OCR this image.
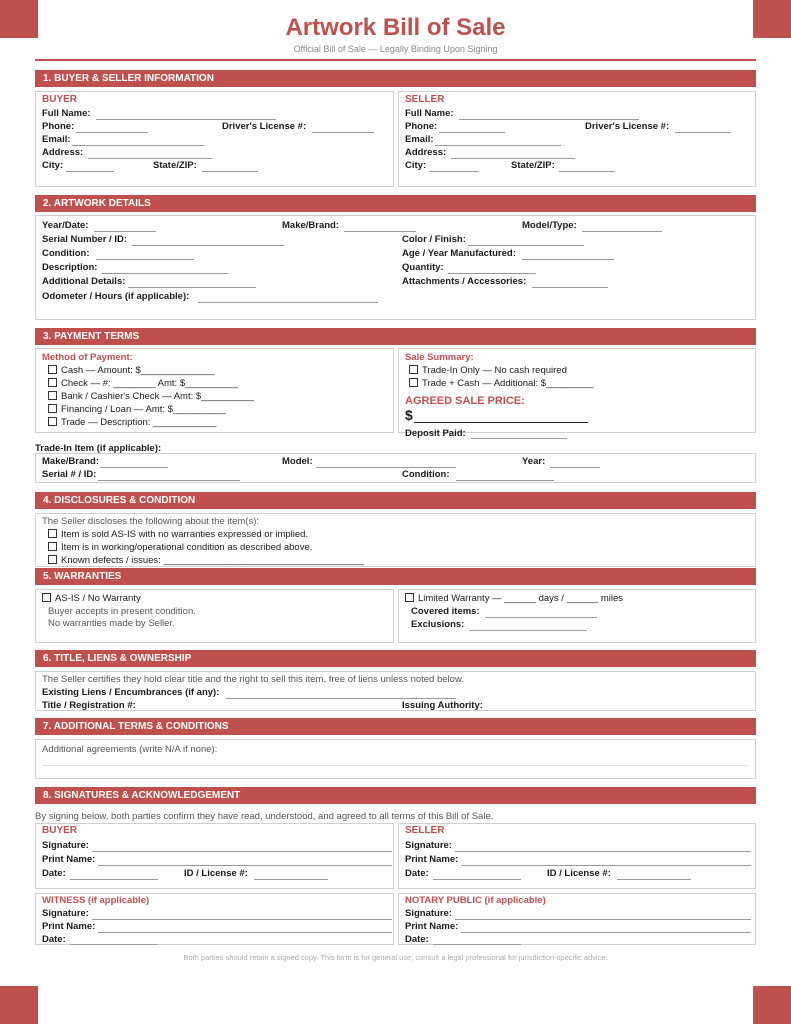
Artwork Bill of Sale
Official Bill of Sale — Legally Binding Upon Signing
1. BUYER & SELLER INFORMATION
BUYER
Full Name:
Phone:	Driver's License #:
Email:
Address:
City:	State/ZIP:
SELLER
Full Name:
Phone:	Driver's License #:
Email:
Address:
City:	State/ZIP:
2. ARTWORK DETAILS
Year/Date:	Make/Brand:	Model/Type:
Serial Number / ID:	Color / Finish:
Condition:	Age / Year Manufactured:
Description:	Quantity:
Additional Details:	Attachments / Accessories:
Odometer / Hours (if applicable):
3. PAYMENT TERMS
Method of Payment:
Cash — Amount: $______________
Check — #: ________ Amt: $__________
Bank / Cashier's Check — Amt: $__________
Financing / Loan — Amt: $__________
Trade — Description: ____________
Sale Summary:
Trade-In Only — No cash required
Trade + Cash — Additional: $_________
AGREED SALE PRICE:
$
Deposit Paid:
Trade-In Item (if applicable):
Make/Brand:	Model:	Year:
Serial # / ID:	Condition:
4. DISCLOSURES & CONDITION
The Seller discloses the following about the item(s):
Item is sold AS-IS with no warranties expressed or implied.
Item is in working/operational condition as described above.
Known defects / issues: ______________________________________
5. WARRANTIES
AS-IS / No Warranty
Buyer accepts in present condition.
No warranties made by Seller.
Limited Warranty — ______ days / ______ miles
Covered items:
Exclusions:
6. TITLE, LIENS & OWNERSHIP
The Seller certifies they hold clear title and the right to sell this item, free of liens unless noted below.
Existing Liens / Encumbrances (if any):
Title / Registration #:	Issuing Authority:
7. ADDITIONAL TERMS & CONDITIONS
Additional agreements (write N/A if none):
8. SIGNATURES & ACKNOWLEDGEMENT
By signing below, both parties confirm they have read, understood, and agreed to all terms of this Bill of Sale.
BUYER
Signature:
Print Name:
Date:	ID / License #:
SELLER
Signature:
Print Name:
Date:	ID / License #:
WITNESS (if applicable)
Signature:
Print Name:
Date:
NOTARY PUBLIC (if applicable)
Signature:
Print Name:
Date:
Both parties should retain a signed copy. This form is for general use; consult a legal professional for jurisdiction-specific advice.
